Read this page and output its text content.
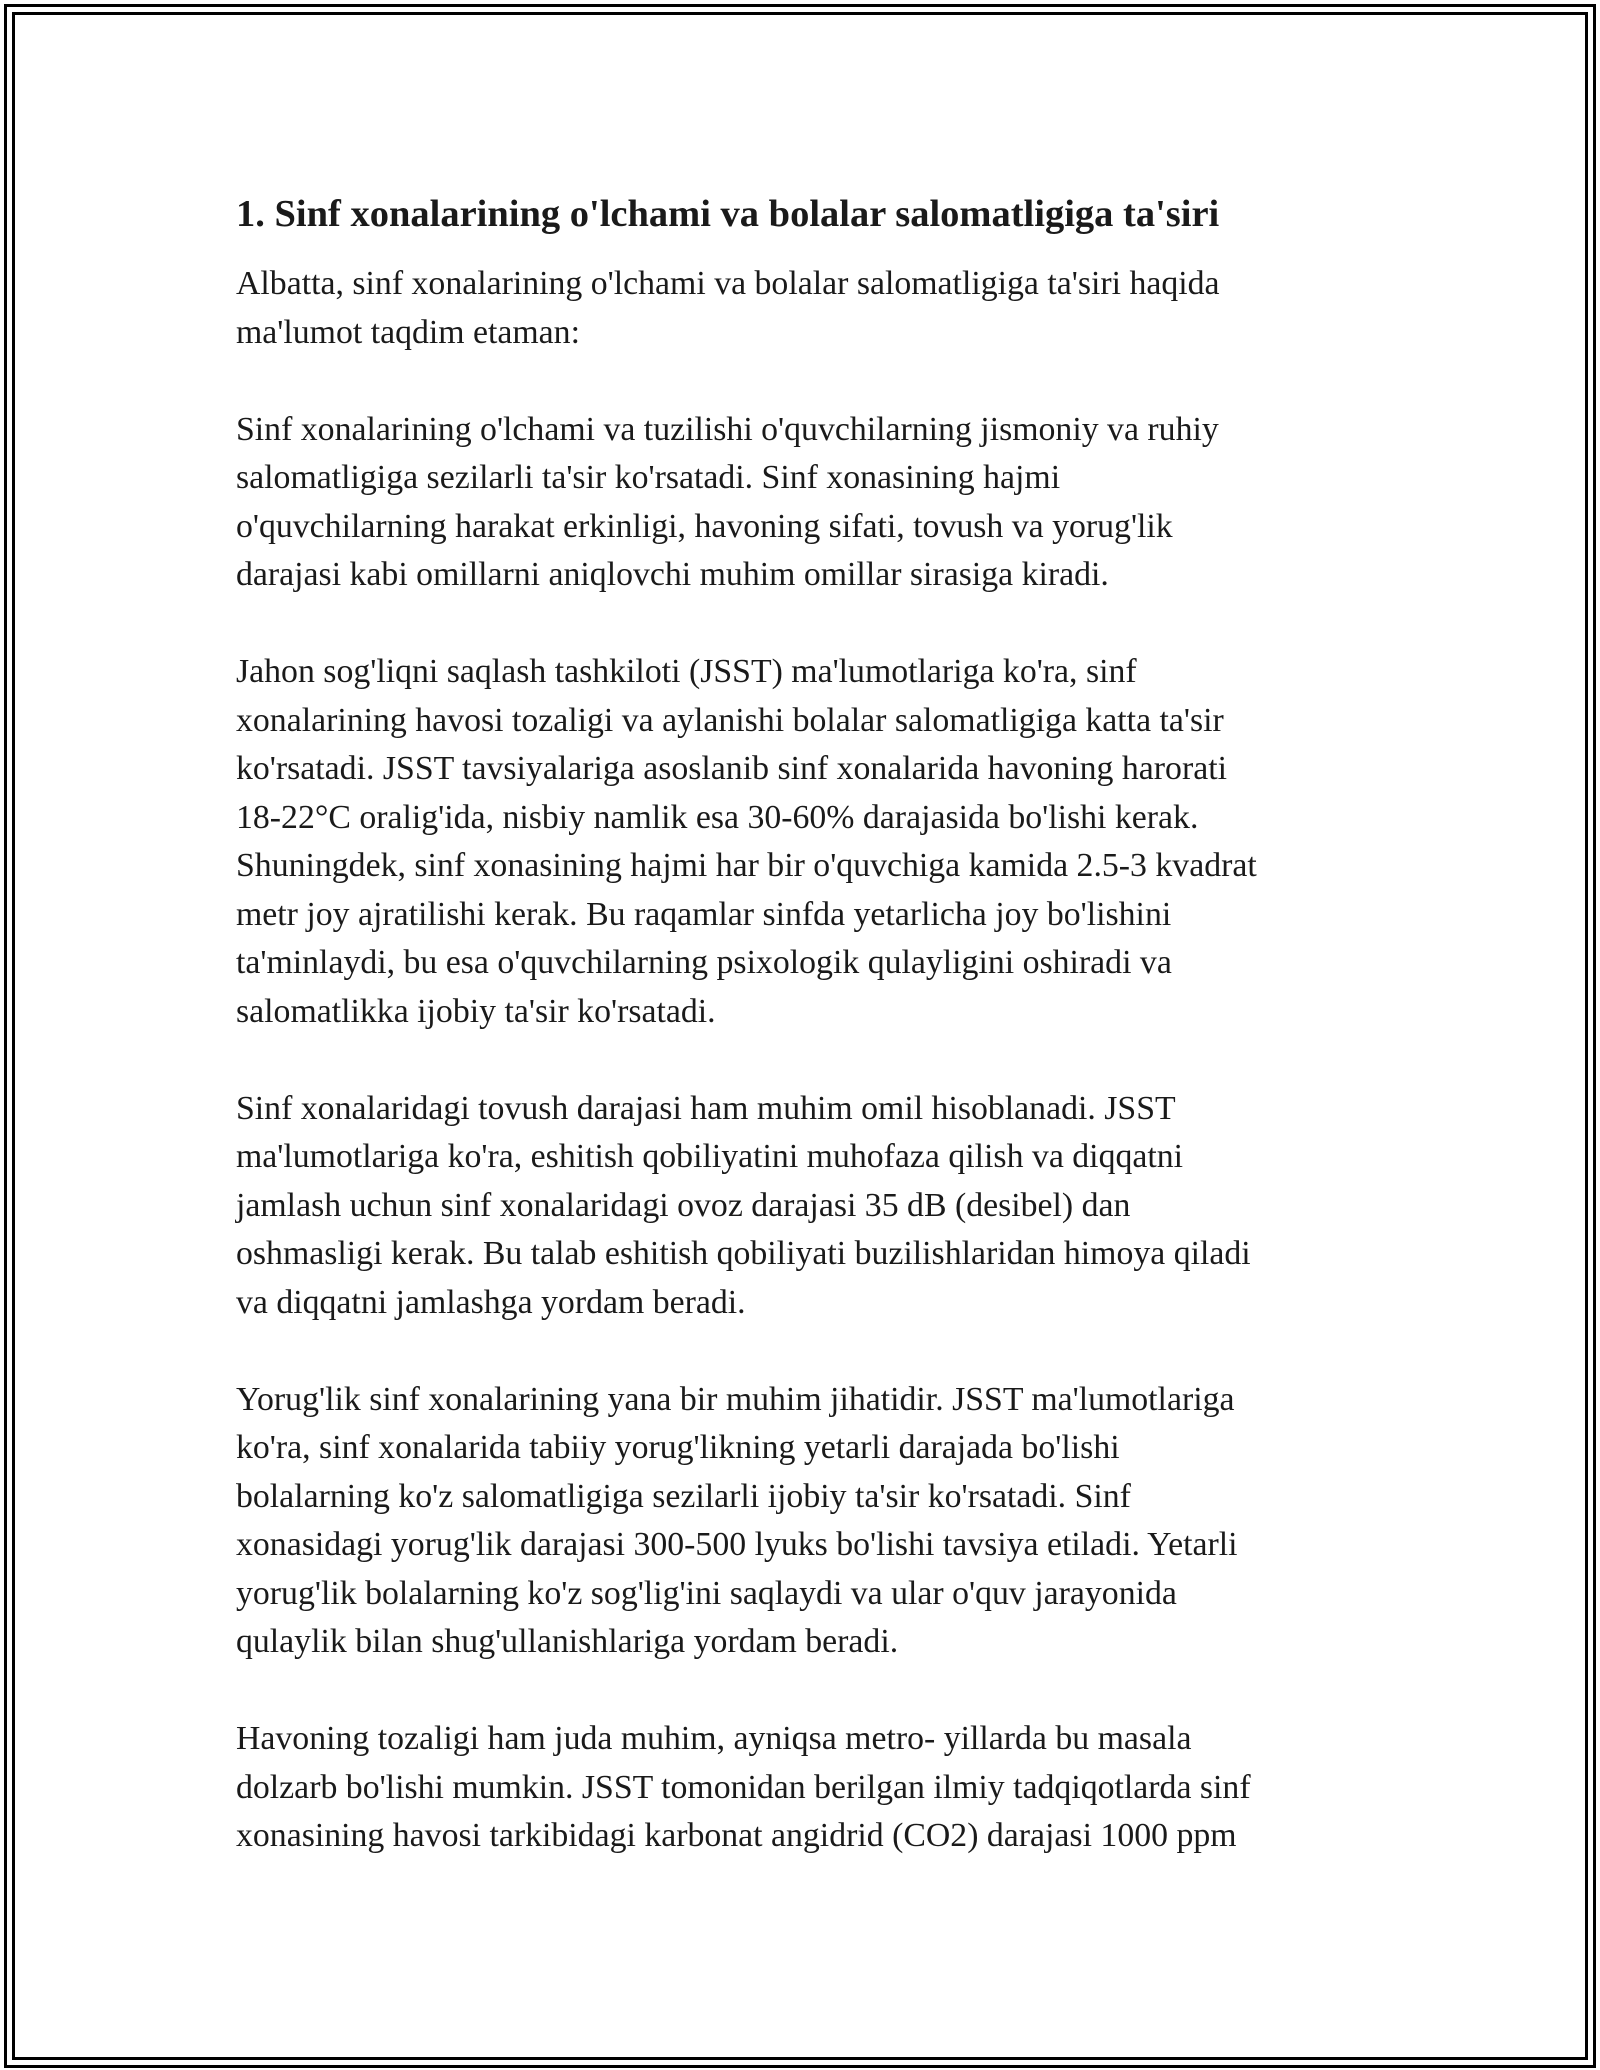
1. Sinf xonalarining o'lchami va bolalar salomatligiga ta'siri

Albatta, sinf xonalarining o'lchami va bolalar salomatligiga ta'siri haqida
ma'lumot taqdim etaman:

Sinf xonalarining o'lchami va tuzilishi o'quvchilarning jismoniy va ruhiy
salomatligiga sezilarli ta'sir ko'rsatadi. Sinf xonasining hajmi
o'quvchilarning harakat erkinligi, havoning sifati, tovush va yorug'lik
darajasi kabi omillarni aniqlovchi muhim omillar sirasiga kiradi.

Jahon sog'liqni saqlash tashkiloti (JSST) ma'lumotlariga ko'ra, sinf
xonalarining havosi tozaligi va aylanishi bolalar salomatligiga katta ta'sir
ko'rsatadi. JSST tavsiyalariga asoslanib sinf xonalarida havoning harorati
18-22°C oralig'ida, nisbiy namlik esa 30-60% darajasida bo'lishi kerak.
Shuningdek, sinf xonasining hajmi har bir o'quvchiga kamida 2.5-3 kvadrat
metr joy ajratilishi kerak. Bu raqamlar sinfda yetarlicha joy bo'lishini
ta'minlaydi, bu esa o'quvchilarning psixologik qulayligini oshiradi va
salomatlikka ijobiy ta'sir ko'rsatadi.

Sinf xonalaridagi tovush darajasi ham muhim omil hisoblanadi. JSST
ma'lumotlariga ko'ra, eshitish qobiliyatini muhofaza qilish va diqqatni
jamlash uchun sinf xonalaridagi ovoz darajasi 35 dB (desibel) dan
oshmasligi kerak. Bu talab eshitish qobiliyati buzilishlaridan himoya qiladi
va diqqatni jamlashga yordam beradi.

Yorug'lik sinf xonalarining yana bir muhim jihatidir. JSST ma'lumotlariga
ko'ra, sinf xonalarida tabiiy yorug'likning yetarli darajada bo'lishi
bolalarning ko'z salomatligiga sezilarli ijobiy ta'sir ko'rsatadi. Sinf
xonasidagi yorug'lik darajasi 300-500 lyuks bo'lishi tavsiya etiladi. Yetarli
yorug'lik bolalarning ko'z sog'lig'ini saqlaydi va ular o'quv jarayonida
qulaylik bilan shug'ullanishlariga yordam beradi.

Havoning tozaligi ham juda muhim, ayniqsa metro- yillarda bu masala
dolzarb bo'lishi mumkin. JSST tomonidan berilgan ilmiy tadqiqotlarda sinf
xonasining havosi tarkibidagi karbonat angidrid (CO2) darajasi 1000 ppm
